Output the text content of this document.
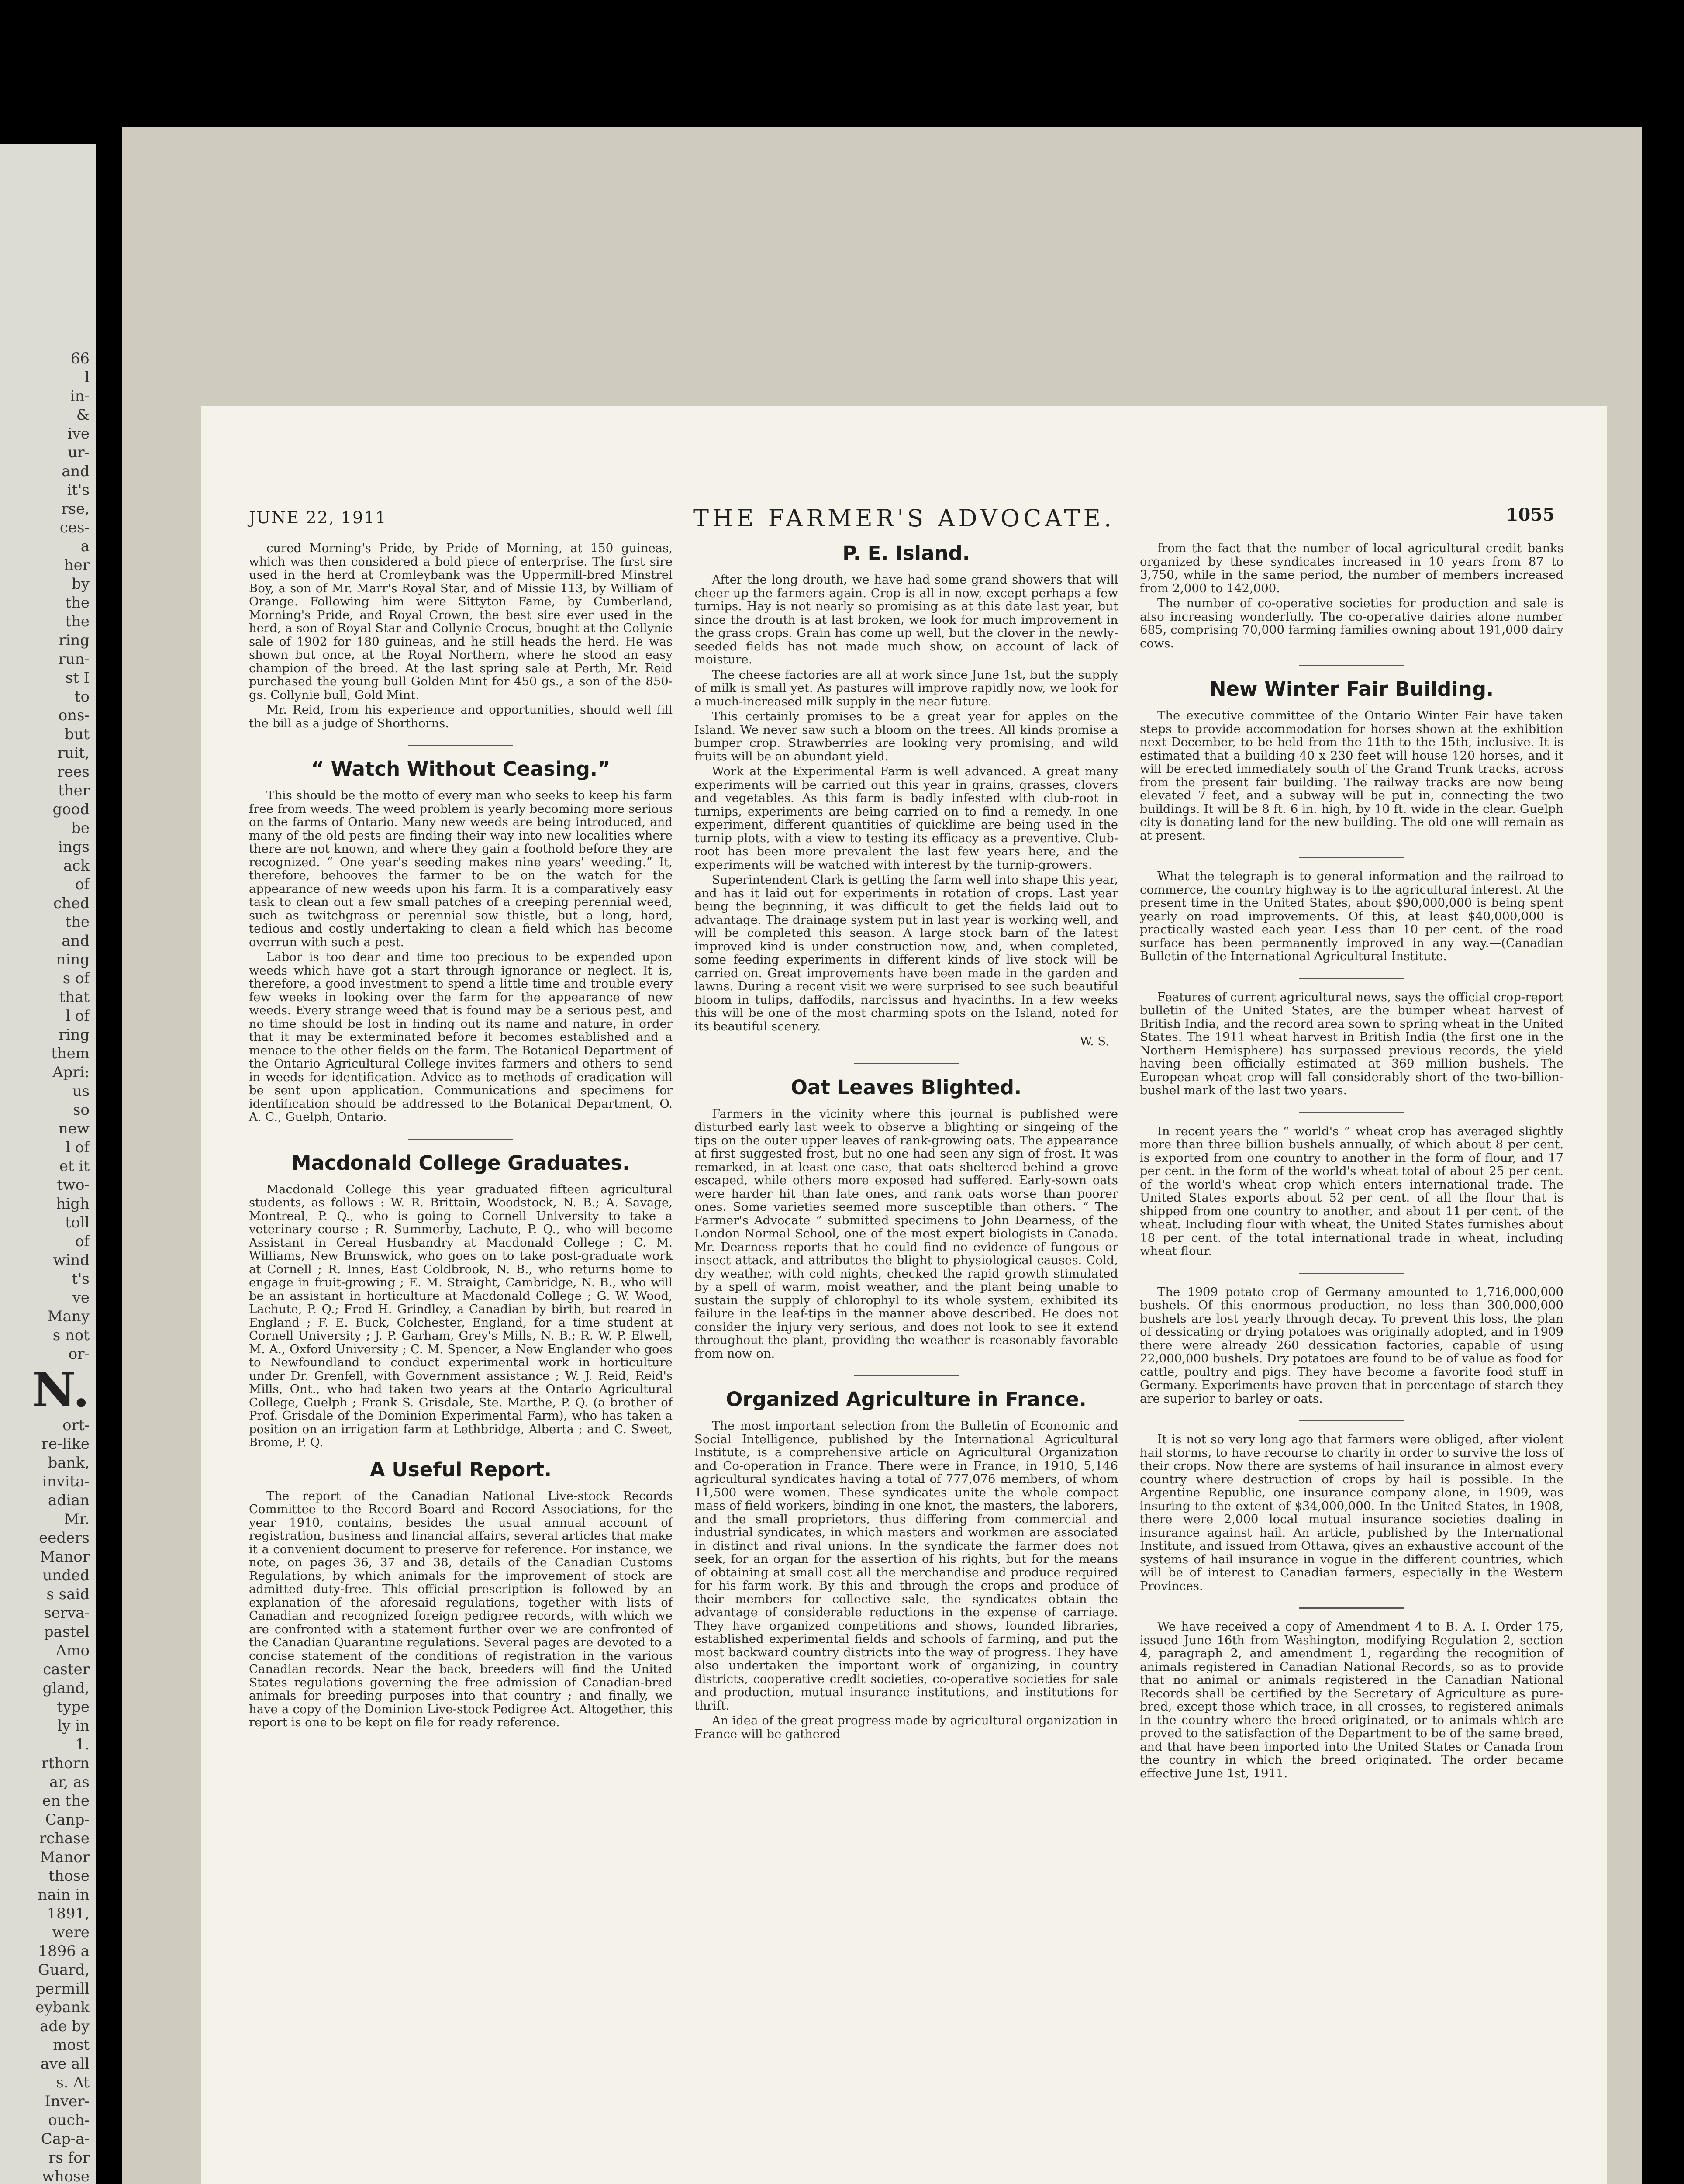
66
l
in-
&
ive
ur-
and
it's
rse,
ces-
a
her
by
the
the
ring
run-
st I
to
ons-
but
ruit,
rees
ther
good
be
ings
ack
of
ched
the
and
ning
s of
that
l of
ring
them
Apri:
us
so
new
l of
et it
two-
high
toll
of
wind
t's
ve
Many
s not
or-
N.
ort-
re-like
bank,
invita-
adian
Mr.
eeders
Manor
unded
s said
serva-
pastel
Amo
caster
gland,
type
ly in
1.
rthorn
ar, as
en the
Canp-
rchase
Manor
those
nain in
1891,
were
1896 a
Guard,
permill
eybank
ade by
most
ave all
s. At
Inver-
ouch-
Cap-a-
rs for
whose
JUNE 22, 1911	THE FARMER'S ADVOCATE.	1055

cured Morning's Pride, by Pride of Morning, at 150 guineas, which was then considered a bold piece of enterprise. The first sire used in the herd at Cromleybank was the Uppermill-bred Minstrel Boy, a son of Mr. Marr's Royal Star, and of Missie 113, by William of Orange. Following him were Sittyton Fame, by Cumberland, Morning's Pride, and Royal Crown, the best sire ever used in the herd, a son of Royal Star and Collynie Crocus, bought at the Collynie sale of 1902 for 180 guineas, and he still heads the herd. He was shown but once, at the Royal Northern, where he stood an easy champion of the breed. At the last spring sale at Perth, Mr. Reid purchased the young bull Golden Mint for 450 gs., a son of the 850-gs. Collynie bull, Gold Mint.

Mr. Reid, from his experience and opportunities, should well fill the bill as a judge of Shorthorns.

“ Watch Without Ceasing.”

This should be the motto of every man who seeks to keep his farm free from weeds. The weed problem is yearly becoming more serious on the farms of Ontario. Many new weeds are being introduced, and many of the old pests are finding their way into new localities where there are not known, and where they gain a foothold before they are recognized. “ One year's seeding makes nine years' weeding.” It, therefore, behooves the farmer to be on the watch for the appearance of new weeds upon his farm. It is a comparatively easy task to clean out a few small patches of a creeping perennial weed, such as twitchgrass or perennial sow thistle, but a long, hard, tedious and costly undertaking to clean a field which has become overrun with such a pest.

Labor is too dear and time too precious to be expended upon weeds which have got a start through ignorance or neglect. It is, therefore, a good investment to spend a little time and trouble every few weeks in looking over the farm for the appearance of new weeds. Every strange weed that is found may be a serious pest, and no time should be lost in finding out its name and nature, in order that it may be exterminated before it becomes established and a menace to the other fields on the farm. The Botanical Department of the Ontario Agricultural College invites farmers and others to send in weeds for identification. Advice as to methods of eradication will be sent upon application. Communications and specimens for identification should be addressed to the Botanical Department, O. A. C., Guelph, Ontario.

Macdonald College Graduates.

Macdonald College this year graduated fifteen agricultural students, as follows : W. R. Brittain, Woodstock, N. B.; A. Savage, Montreal, P. Q., who is going to Cornell University to take a veterinary course ; R. Summerby, Lachute, P. Q., who will become Assistant in Cereal Husbandry at Macdonald College ; C. M. Williams, New Brunswick, who goes on to take post-graduate work at Cornell ; R. Innes, East Coldbrook, N. B., who returns home to engage in fruit-growing ; E. M. Straight, Cambridge, N. B., who will be an assistant in horticulture at Macdonald College ; G. W. Wood, Lachute, P. Q.; Fred H. Grindley, a Canadian by birth, but reared in England ; F. E. Buck, Colchester, England, for a time student at Cornell University ; J. P. Garham, Grey's Mills, N. B.; R. W. P. Elwell, M. A., Oxford University ; C. M. Spencer, a New Englander who goes to Newfoundland to conduct experimental work in horticulture under Dr. Grenfell, with Government assistance ; W. J. Reid, Reid's Mills, Ont., who had taken two years at the Ontario Agricultural College, Guelph ; Frank S. Grisdale, Ste. Marthe, P. Q. (a brother of Prof. Grisdale of the Dominion Experimental Farm), who has taken a position on an irrigation farm at Lethbridge, Alberta ; and C. Sweet, Brome, P. Q.

A Useful Report.

The report of the Canadian National Live-stock Records Committee to the Record Board and Record Associations, for the year 1910, contains, besides the usual annual account of registration, business and financial affairs, several articles that make it a convenient document to preserve for reference. For instance, we note, on pages 36, 37 and 38, details of the Canadian Customs Regulations, by which animals for the improvement of stock are admitted duty-free. This official prescription is followed by an explanation of the aforesaid regulations, together with lists of Canadian and recognized foreign pedigree records, with which we are confronted with a statement further over we are confronted of the Canadian Quarantine regulations. Several pages are devoted to a concise statement of the conditions of registration in the various Canadian records. Near the back, breeders will find the United States regulations governing the free admission of Canadian-bred animals for breeding purposes into that country ; and finally, we have a copy of the Dominion Live-stock Pedigree Act. Altogether, this report is one to be kept on file for ready reference.

P. E. Island.

After the long drouth, we have had some grand showers that will cheer up the farmers again. Crop is all in now, except perhaps a few turnips. Hay is not nearly so promising as at this date last year, but since the drouth is at last broken, we look for much improvement in the grass crops. Grain has come up well, but the clover in the newly-seeded fields has not made much show, on account of lack of moisture.

The cheese factories are all at work since June 1st, but the supply of milk is small yet. As pastures will improve rapidly now, we look for a much-increased milk supply in the near future.

This certainly promises to be a great year for apples on the Island. We never saw such a bloom on the trees. All kinds promise a bumper crop. Strawberries are looking very promising, and wild fruits will be an abundant yield.

Work at the Experimental Farm is well advanced. A great many experiments will be carried out this year in grains, grasses, clovers and vegetables. As this farm is badly infested with club-root in turnips, experiments are being carried on to find a remedy. In one experiment, different quantities of quicklime are being used in the turnip plots, with a view to testing its efficacy as a preventive. Club-root has been more prevalent the last few years here, and the experiments will be watched with interest by the turnip-growers.

Superintendent Clark is getting the farm well into shape this year, and has it laid out for experiments in rotation of crops. Last year being the beginning, it was difficult to get the fields laid out to advantage. The drainage system put in last year is working well, and will be completed this season. A large stock barn of the latest improved kind is under construction now, and, when completed, some feeding experiments in different kinds of live stock will be carried on. Great improvements have been made in the garden and lawns. During a recent visit we were surprised to see such beautiful bloom in tulips, daffodils, narcissus and hyacinths. In a few weeks this will be one of the most charming spots on the Island, noted for its beautiful scenery.

W. S.
Oat Leaves Blighted.

Farmers in the vicinity where this journal is published were disturbed early last week to observe a blighting or singeing of the tips on the outer upper leaves of rank-growing oats. The appearance at first suggested frost, but no one had seen any sign of frost. It was remarked, in at least one case, that oats sheltered behind a grove escaped, while others more exposed had suffered. Early-sown oats were harder hit than late ones, and rank oats worse than poorer ones. Some varieties seemed more susceptible than others. “ The Farmer's Advocate ” submitted specimens to John Dearness, of the London Normal School, one of the most expert biologists in Canada. Mr. Dearness reports that he could find no evidence of fungous or insect attack, and attributes the blight to physiological causes. Cold, dry weather, with cold nights, checked the rapid growth stimulated by a spell of warm, moist weather, and the plant being unable to sustain the supply of chlorophyl to its whole system, exhibited its failure in the leaf-tips in the manner above described. He does not consider the injury very serious, and does not look to see it extend throughout the plant, providing the weather is reasonably favorable from now on.

Organized Agriculture in France.

The most important selection from the Bulletin of Economic and Social Intelligence, published by the International Agricultural Institute, is a comprehensive article on Agricultural Organization and Co-operation in France. There were in France, in 1910, 5,146 agricultural syndicates having a total of 777,076 members, of whom 11,500 were women. These syndicates unite the whole compact mass of field workers, binding in one knot, the masters, the laborers, and the small proprietors, thus differing from commercial and industrial syndicates, in which masters and workmen are associated in distinct and rival unions. In the syndicate the farmer does not seek, for an organ for the assertion of his rights, but for the means of obtaining at small cost all the merchandise and produce required for his farm work. By this and through the crops and produce of their members for collective sale, the syndicates obtain the advantage of considerable reductions in the expense of carriage. They have organized competitions and shows, founded libraries, established experimental fields and schools of farming, and put the most backward country districts into the way of progress. They have also undertaken the important work of organizing, in country districts, cooperative credit societies, co-operative societies for sale and production, mutual insurance institutions, and institutions for thrift.

An idea of the great progress made by agricultural organization in France will be gathered

from the fact that the number of local agricultural credit banks organized by these syndicates increased in 10 years from 87 to 3,750, while in the same period, the number of members increased from 2,000 to 142,000.

The number of co-operative societies for production and sale is also increasing wonderfully. The co-operative dairies alone number 685, comprising 70,000 farming families owning about 191,000 dairy cows.

New Winter Fair Building.

The executive committee of the Ontario Winter Fair have taken steps to provide accommodation for horses shown at the exhibition next December, to be held from the 11th to the 15th, inclusive. It is estimated that a building 40 x 230 feet will house 120 horses, and it will be erected immediately south of the Grand Trunk tracks, across from the present fair building. The railway tracks are now being elevated 7 feet, and a subway will be put in, connecting the two buildings. It will be 8 ft. 6 in. high, by 10 ft. wide in the clear. Guelph city is donating land for the new building. The old one will remain as at present.

What the telegraph is to general information and the railroad to commerce, the country highway is to the agricultural interest. At the present time in the United States, about $90,000,000 is being spent yearly on road improvements. Of this, at least $40,000,000 is practically wasted each year. Less than 10 per cent. of the road surface has been permanently improved in any way.—(Canadian Bulletin of the International Agricultural Institute.

Features of current agricultural news, says the official crop-report bulletin of the United States, are the bumper wheat harvest of British India, and the record area sown to spring wheat in the United States. The 1911 wheat harvest in British India (the first one in the Northern Hemisphere) has surpassed previous records, the yield having been officially estimated at 369 million bushels. The European wheat crop will fall considerably short of the two-billion-bushel mark of the last two years.

In recent years the “ world's ” wheat crop has averaged slightly more than three billion bushels annually, of which about 8 per cent. is exported from one country to another in the form of flour, and 17 per cent. in the form of the world's wheat total of about 25 per cent. of the world's wheat crop which enters international trade. The United States exports about 52 per cent. of all the flour that is shipped from one country to another, and about 11 per cent. of the wheat. Including flour with wheat, the United States furnishes about 18 per cent. of the total international trade in wheat, including wheat flour.

The 1909 potato crop of Germany amounted to 1,716,000,000 bushels. Of this enormous production, no less than 300,000,000 bushels are lost yearly through decay. To prevent this loss, the plan of dessicating or drying potatoes was originally adopted, and in 1909 there were already 260 dessication factories, capable of using 22,000,000 bushels. Dry potatoes are found to be of value as food for cattle, poultry and pigs. They have become a favorite food stuff in Germany. Experiments have proven that in percentage of starch they are superior to barley or oats.

It is not so very long ago that farmers were obliged, after violent hail storms, to have recourse to charity in order to survive the loss of their crops. Now there are systems of hail insurance in almost every country where destruction of crops by hail is possible. In the Argentine Republic, one insurance company alone, in 1909, was insuring to the extent of $34,000,000. In the United States, in 1908, there were 2,000 local mutual insurance societies dealing in insurance against hail. An article, published by the International Institute, and issued from Ottawa, gives an exhaustive account of the systems of hail insurance in vogue in the different countries, which will be of interest to Canadian farmers, especially in the Western Provinces.

We have received a copy of Amendment 4 to B. A. I. Order 175, issued June 16th from Washington, modifying Regulation 2, section 4, paragraph 2, and amendment 1, regarding the recognition of animals registered in Canadian National Records, so as to provide that no animal or animals registered in the Canadian National Records shall be certified by the Secretary of Agriculture as pure-bred, except those which trace, in all crosses, to registered animals in the country where the breed originated, or to animals which are proved to the satisfaction of the Department to be of the same breed, and that have been imported into the United States or Canada from the country in which the breed originated. The order became effective June 1st, 1911.
